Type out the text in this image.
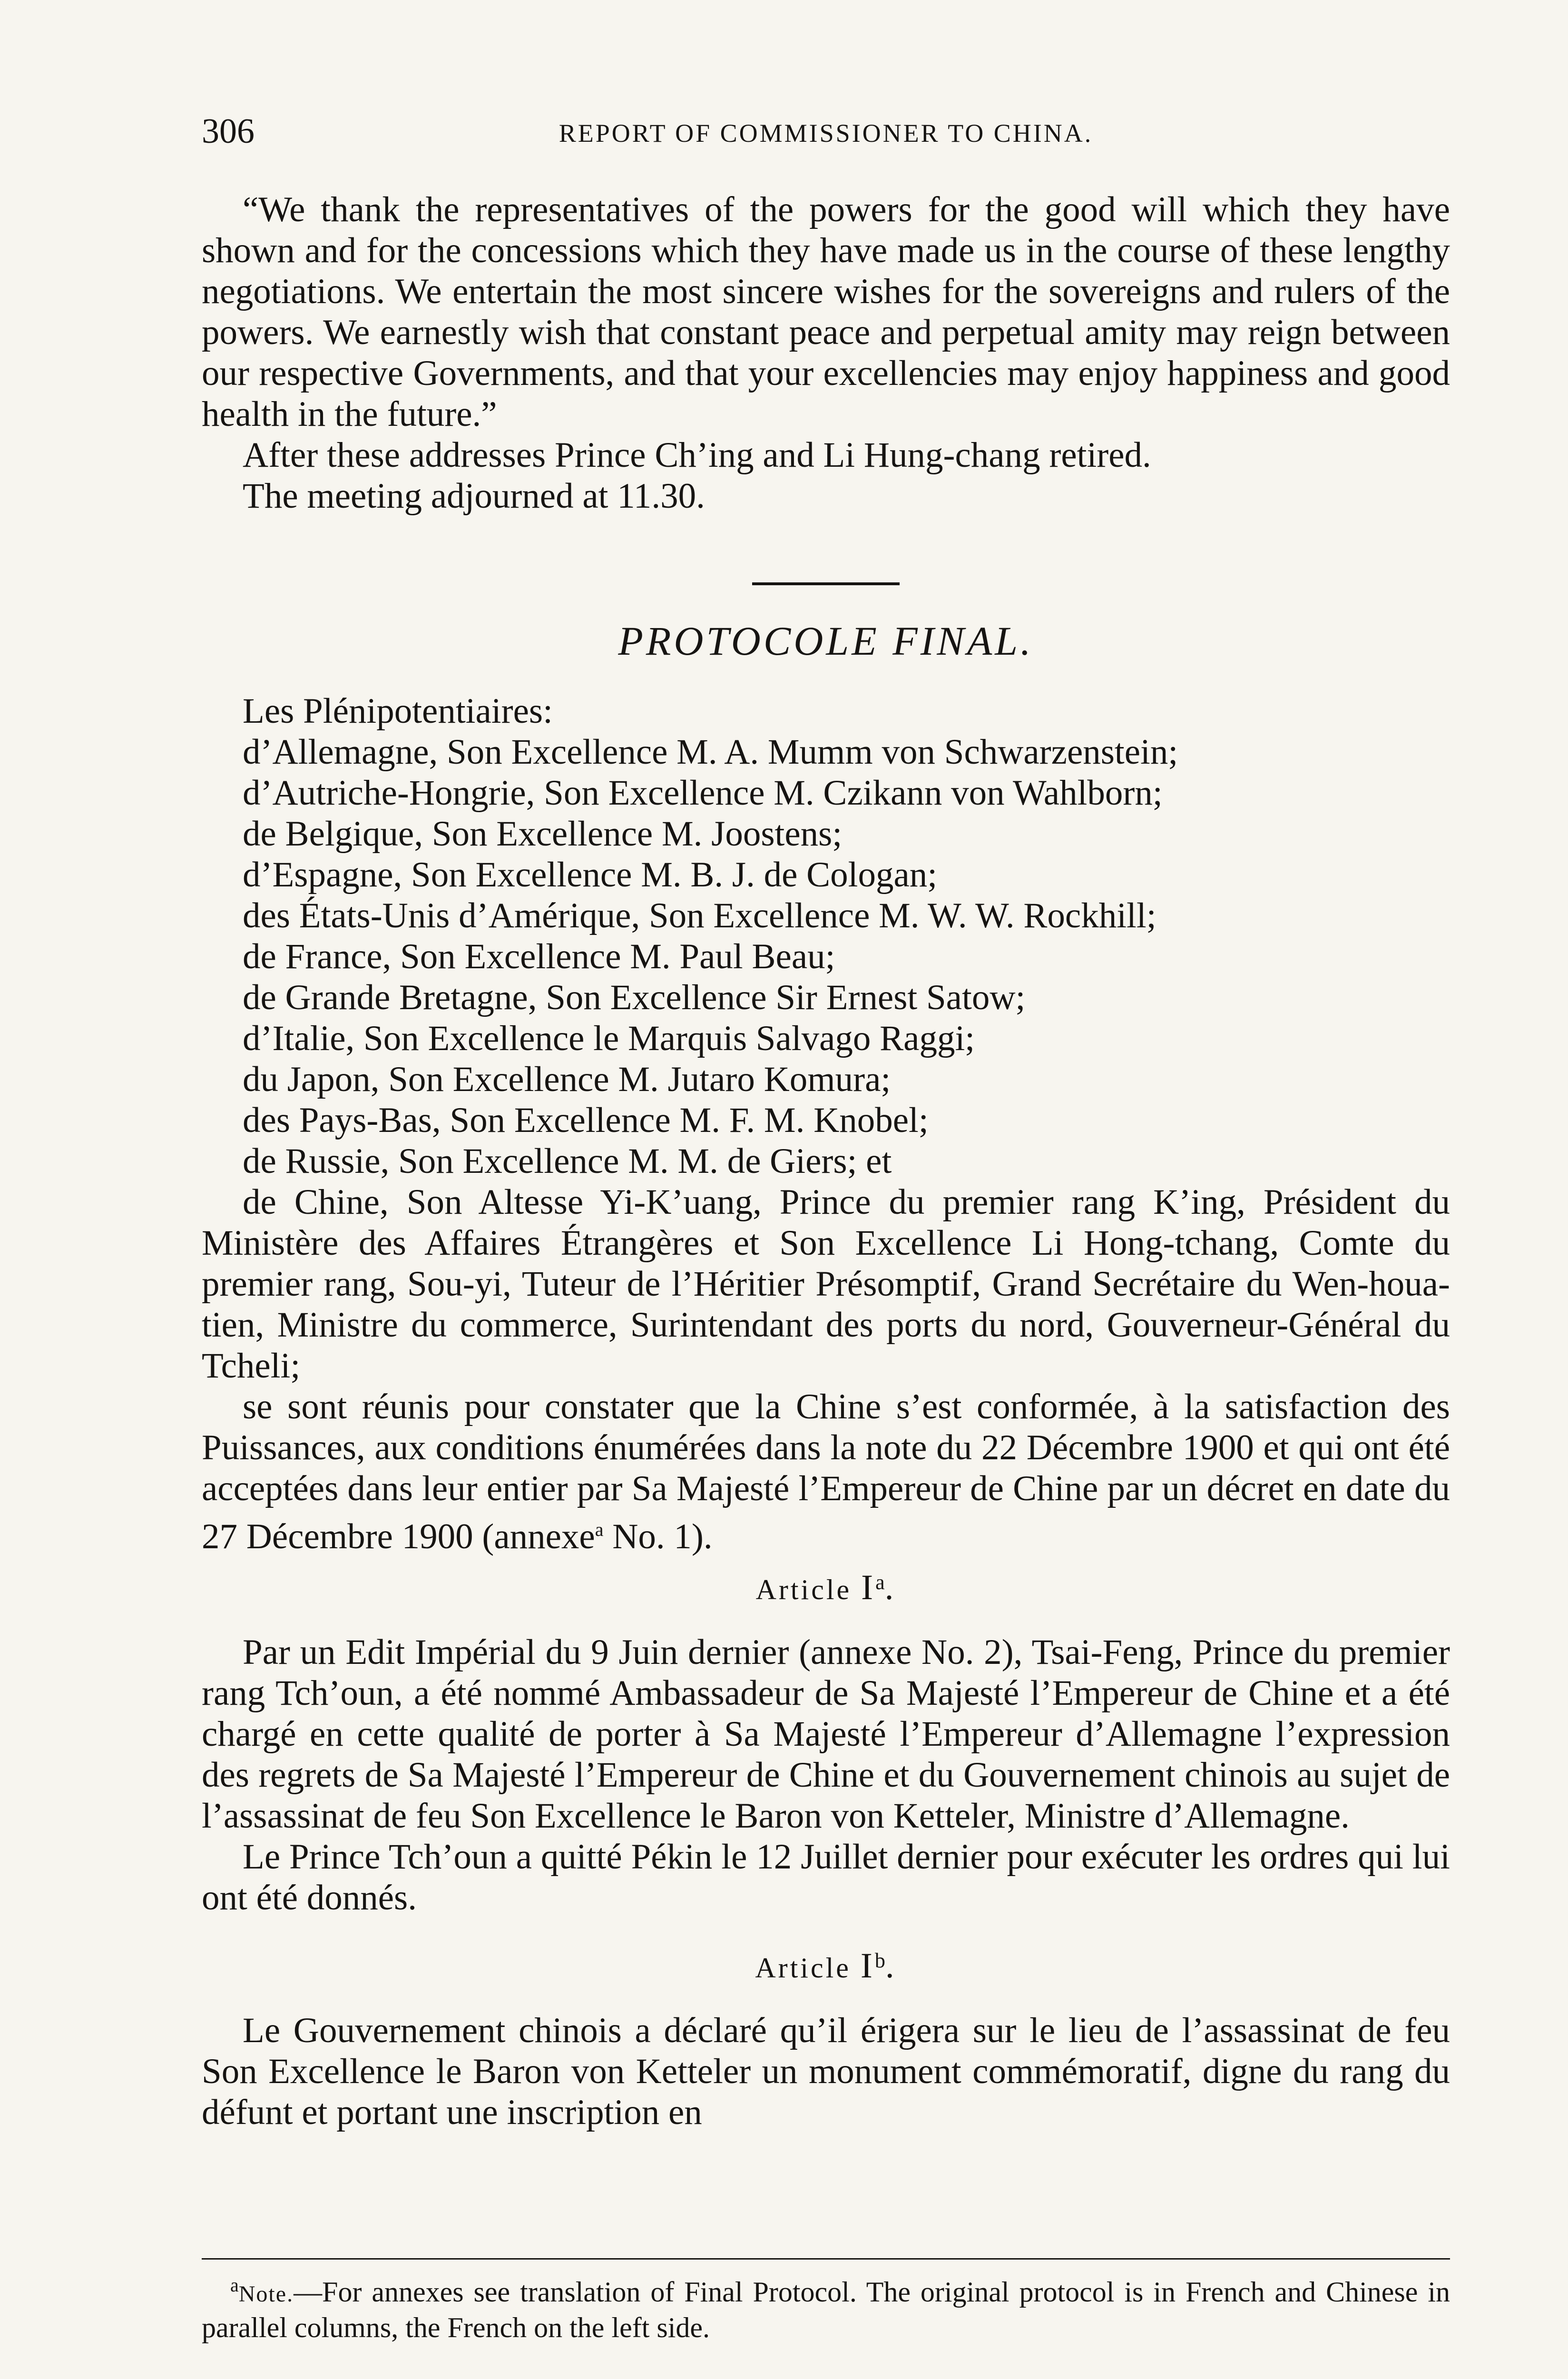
306	REPORT OF COMMISSIONER TO CHINA.

“We thank the representatives of the powers for the good will which they have shown and for the concessions which they have made us in the course of these lengthy negotiations. We entertain the most sincere wishes for the sovereigns and rulers of the powers. We earnestly wish that constant peace and perpetual amity may reign between our respective Governments, and that your excellencies may enjoy happiness and good health in the future.”

After these addresses Prince Ch’ing and Li Hung-chang retired.

The meeting adjourned at 11.30.

PROTOCOLE FINAL.

Les Plénipotentiaires:

d’Allemagne, Son Excellence M. A. Mumm von Schwarzenstein;
d’Autriche-Hongrie, Son Excellence M. Czikann von Wahlborn;
de Belgique, Son Excellence M. Joostens;
d’Espagne, Son Excellence M. B. J. de Cologan;
des États-Unis d’Amérique, Son Excellence M. W. W. Rockhill;
de France, Son Excellence M. Paul Beau;
de Grande Bretagne, Son Excellence Sir Ernest Satow;
d’Italie, Son Excellence le Marquis Salvago Raggi;
du Japon, Son Excellence M. Jutaro Komura;
des Pays-Bas, Son Excellence M. F. M. Knobel;
de Russie, Son Excellence M. M. de Giers; et

de Chine, Son Altesse Yi-K’uang, Prince du premier rang K’ing, Président du Ministère des Affaires Étrangères et Son Excellence Li Hong-tchang, Comte du premier rang, Sou-yi, Tuteur de l’Héritier Présomptif, Grand Secrétaire du Wen-houa-tien, Ministre du commerce, Surintendant des ports du nord, Gouverneur-Général du Tcheli;

se sont réunis pour constater que la Chine s’est conformée, à la satisfaction des Puissances, aux conditions énumérées dans la note du 22 Décembre 1900 et qui ont été acceptées dans leur entier par Sa Majesté l’Empereur de Chine par un décret en date du 27 Décembre 1900 (annexe$^a$ No. 1).

Article $I^a$.

Par un Edit Impérial du 9 Juin dernier (annexe No. 2), Tsai-Feng, Prince du premier rang Tch’oun, a été nommé Ambassadeur de Sa Majesté l’Empereur de Chine et a été chargé en cette qualité de porter à Sa Majesté l’Empereur d’Allemagne l’expression des regrets de Sa Majesté l’Empereur de Chine et du Gouvernement chinois au sujet de l’assassinat de feu Son Excellence le Baron von Ketteler, Ministre d’Allemagne.

Le Prince Tch’oun a quitté Pékin le 12 Juillet dernier pour exécuter les ordres qui lui ont été donnés.

Article $I^b$.

Le Gouvernement chinois a déclaré qu’il érigera sur le lieu de l’assassinat de feu Son Excellence le Baron von Ketteler un monument commémoratif, digne du rang du défunt et portant une inscription en

$^a$Note.—For annexes see translation of Final Protocol. The original protocol is in French and Chinese in parallel columns, the French on the left side.
